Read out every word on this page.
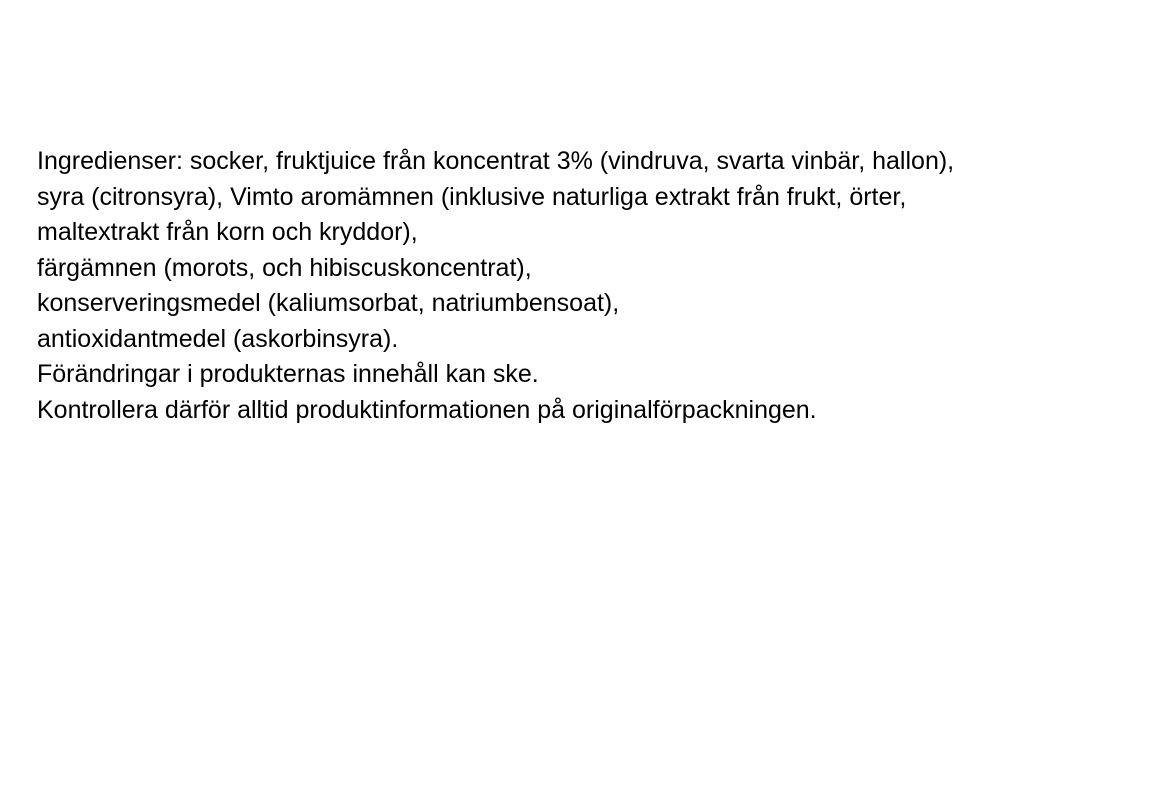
Ingredienser: socker, fruktjuice från koncentrat 3% (vindruva, svarta vinbär, hallon),
syra (citronsyra), Vimto aromämnen (inklusive naturliga extrakt från frukt, örter,
maltextrakt från korn och kryddor),
färgämnen (morots, och hibiscuskoncentrat),
konserveringsmedel (kaliumsorbat, natriumbensoat),
antioxidantmedel (askorbinsyra).
Förändringar i produkternas innehåll kan ske.
Kontrollera därför alltid produktinformationen på originalförpackningen.
